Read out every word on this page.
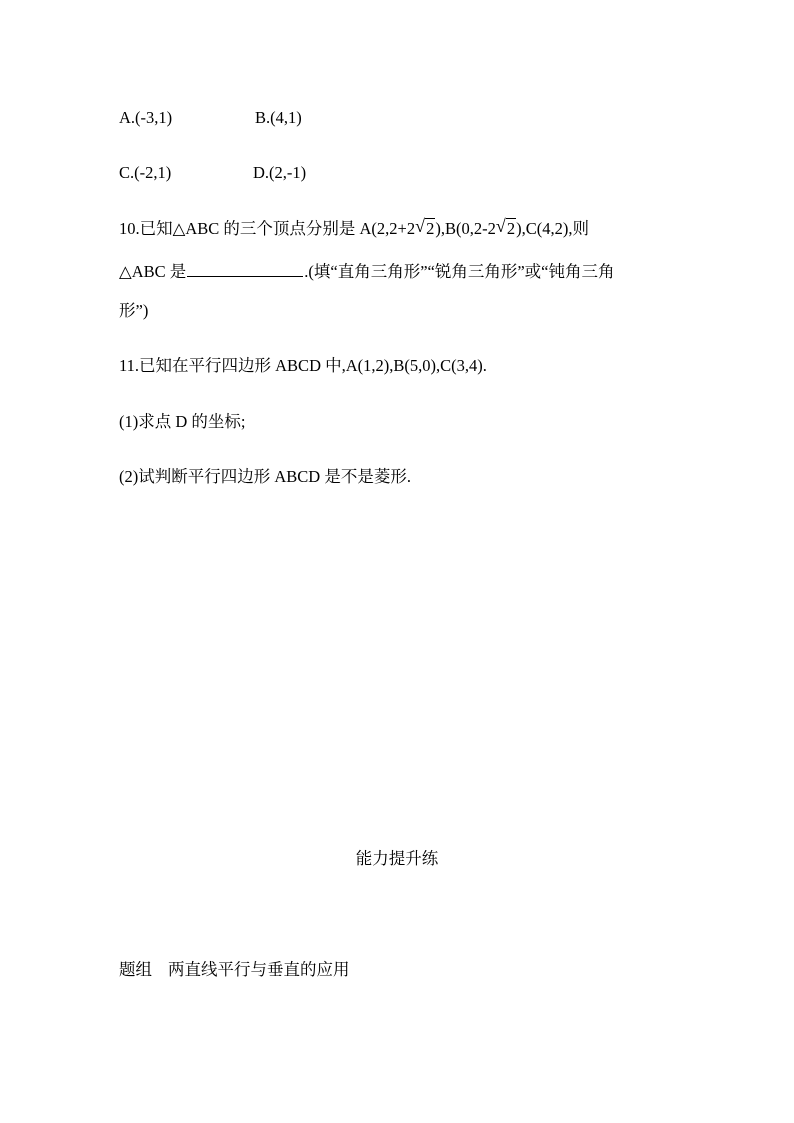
A.(-3,1)	B.(4,1)
C.(-2,1)	D.(2,-1)
10.已知△ABC 的三个顶点分别是 A(2,2+2 √ 2),B(0,2-2 √ 2),C(4,2),则
△ABC 是	.(填“直角三角形”“锐角三角形”或“钝角三角
形”)
11.已知在平行四边形 ABCD 中,A(1,2),B(5,0),C(3,4).
(1)求点 D 的坐标;
(2)试判断平行四边形 ABCD 是不是菱形.
能力提升练
题组 两直线平行与垂直的应用
